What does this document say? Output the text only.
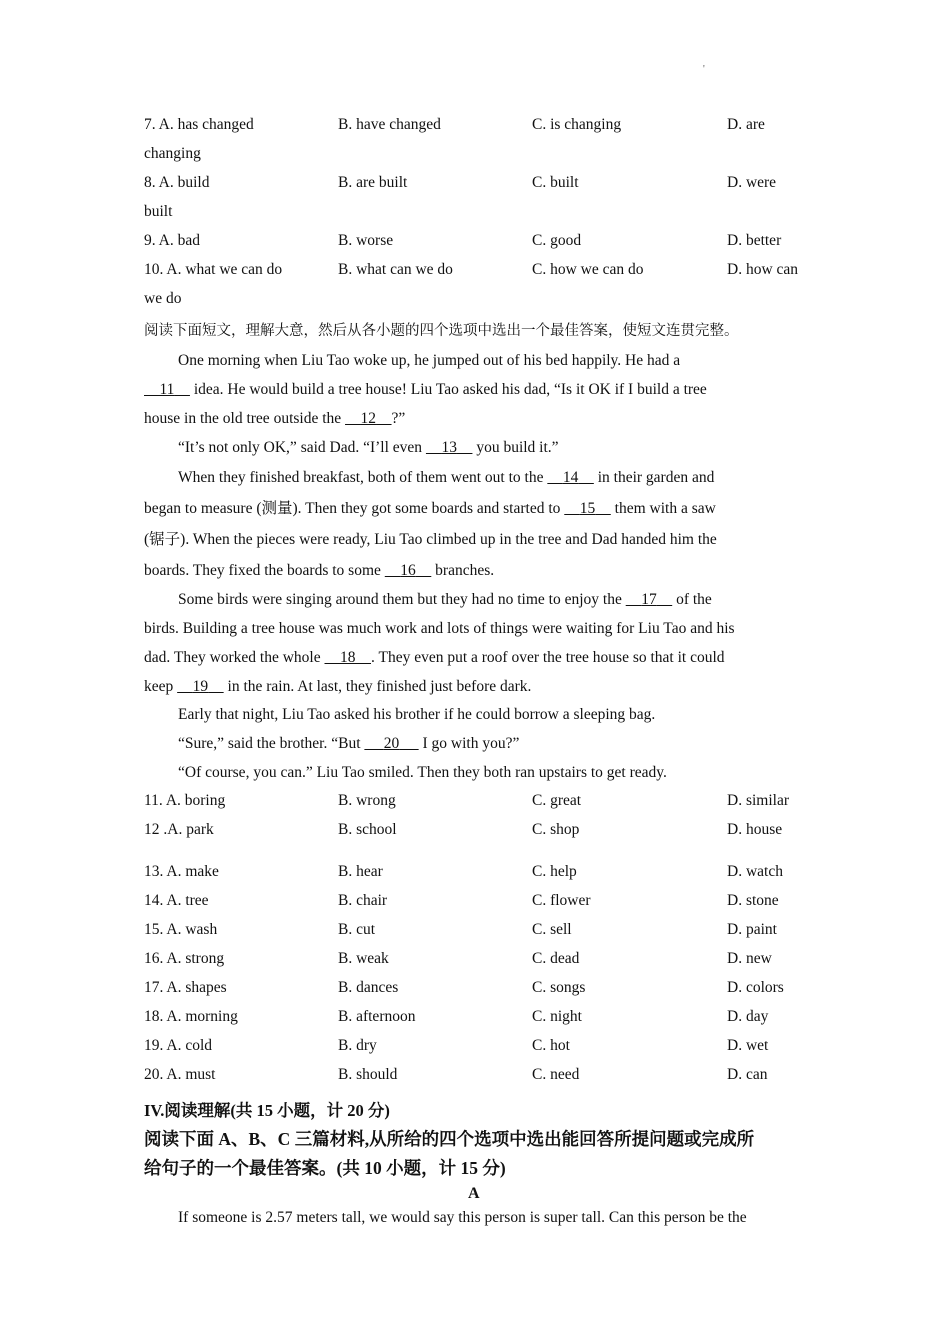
'
7. A. has changed	B. have changed	C. is changing	D. are
changing
8. A. build	B. are built	C. built	D. were
built
9. A. bad	B. worse	C. good	D. better
10. A. what we can do	B. what can we do	C. how we can do	D. how can
we do
阅读下面短文，理解大意，然后从各小题的四个选项中选出一个最佳答案，使短文连贯完整。
One morning when Liu Tao woke up, he jumped out of his bed happily. He had a
11     idea. He would build a tree house! Liu Tao asked his dad, “Is it OK if I build a tree
house in the old tree outside the     12 ?”
“It’s not only OK,” said Dad. “I’ll even     13     you build it.”
When they finished breakfast, both of them went out to the     14     in their garden and
began to measure (测量). Then they got some boards and started to     15     them with a saw
(锯子). When the pieces were ready, Liu Tao climbed up in the tree and Dad handed him the
boards. They fixed the boards to some     16     branches.
Some birds were singing around them but they had no time to enjoy the     17     of the
birds. Building a tree house was much work and lots of things were waiting for Liu Tao and his
dad. They worked the whole     18 . They even put a roof over the tree house so that it could
keep     19     in the rain. At last, they finished just before dark.
Early that night, Liu Tao asked his brother if he could borrow a sleeping bag.
“Sure,” said the brother. “But      20      I go with you?”
“Of course, you can.” Liu Tao smiled. Then they both ran upstairs to get ready.
11. A. boring	B. wrong	C. great	D. similar
12 .A. park	B. school	C. shop	D. house
13. A. make	B. hear	C. help	D. watch
14. A. tree	B. chair	C. flower	D. stone
15. A. wash	B. cut	C. sell	D. paint
16. A. strong	B. weak	C. dead	D. new
17. A. shapes	B. dances	C. songs	D. colors
18. A. morning	B. afternoon	C. night	D. day
19. A. cold	B. dry	C. hot	D. wet
20. A. must	B. should	C. need	D. can
IV.阅读理解(共 15 小题，计 20 分)
阅读下面 A、B、C 三篇材料,从所给的四个选项中选出能回答所提问题或完成所
给句子的一个最佳答案。(共 10 小题，计 15 分)
A
If someone is 2.57 meters tall, we would say this person is super tall. Can this person be the
